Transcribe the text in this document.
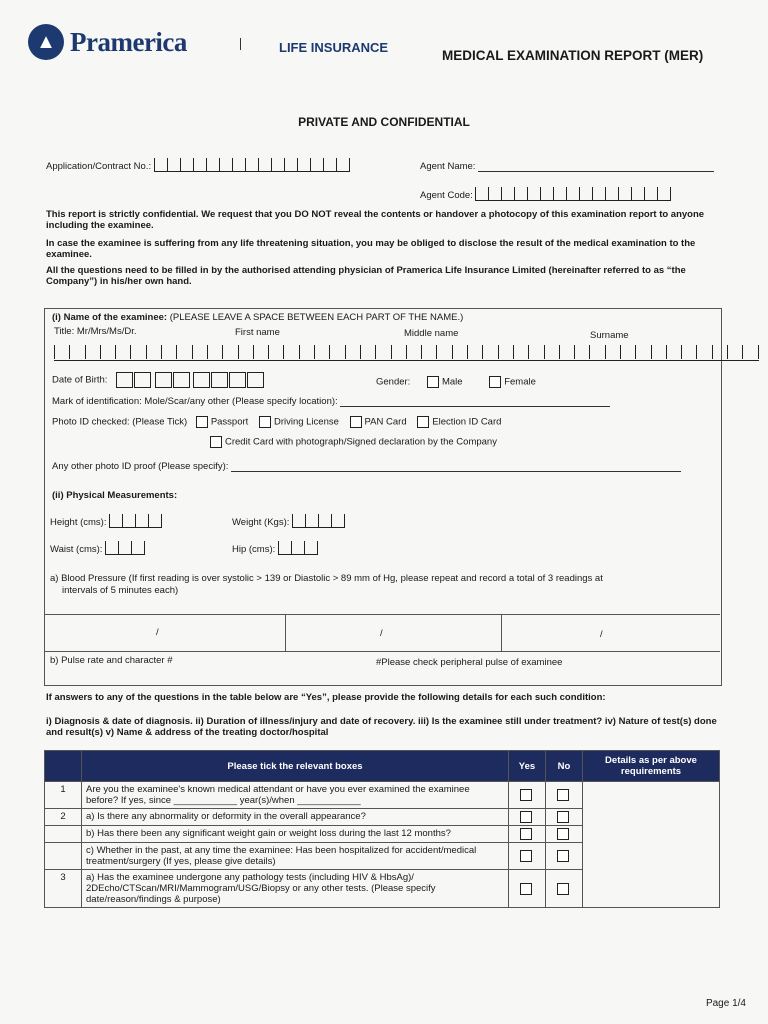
▲ Pramerica	LIFE INSURANCE
MEDICAL EXAMINATION REPORT (MER)
PRIVATE AND CONFIDENTIAL
Application/Contract No.:	Agent Name:
Agent Code:
This report is strictly confidential. We request that you DO NOT reveal the contents or handover a photocopy of this examination report to anyone including the examinee.
In case the examinee is suffering from any life threatening situation, you may be obliged to disclose the result of the medical examination to the examinee.
All the questions need to be filled in by the authorised attending physician of Pramerica Life Insurance Limited (hereinafter referred to as “the Company”) in his/her own hand.
(i) Name of the examinee: (PLEASE LEAVE A SPACE BETWEEN EACH PART OF THE NAME.)
Title: Mr/Mrs/Ms/Dr.	First name	Middle name	Surname
Date of Birth:	Gender:	Male	Female
Mark of identification: Mole/Scar/any other (Please specify location):
Photo ID checked: (Please Tick) Passport	Driving License	PAN Card	Election ID Card
Credit Card with photograph/Signed declaration by the Company
Any other photo ID proof (Please specify):
(ii) Physical Measurements:
Height (cms):	Weight (Kgs):
Waist (cms):	Hip (cms):
a) Blood Pressure (If first reading is over systolic > 139 or Diastolic > 89 mm of Hg, please repeat and record a total of 3 readings at
intervals of 5 minutes each)
/	/	/
b) Pulse rate and character #	#Please check peripheral pulse of examinee
If answers to any of the questions in the table below are “Yes”, please provide the following details for each such condition:
i) Diagnosis & date of diagnosis. ii) Duration of illness/injury and date of recovery. iii) Is the examinee still under treatment? iv) Nature of test(s) done and result(s) v) Name & address of the treating doctor/hospital
	Please tick the relevant boxes	Yes	No	Details as per above requirements
1	Are you the examinee's known medical attendant or have you ever examined the examinee before? If yes, since ____________ year(s)/when ____________			
2	a) Is there any abnormality or deformity in the overall appearance?			
	b) Has there been any significant weight gain or weight loss during the last 12 months?			
	c) Whether in the past, at any time the examinee: Has been hospitalized for accident/medical treatment/surgery (If yes, please give details)			
3	a) Has the examinee undergone any pathology tests (including HIV & HbsAg)/ 2DEcho/CTScan/MRI/Mammogram/USG/Biopsy or any other tests. (Please specify date/reason/findings & purpose)			
Page 1/4
